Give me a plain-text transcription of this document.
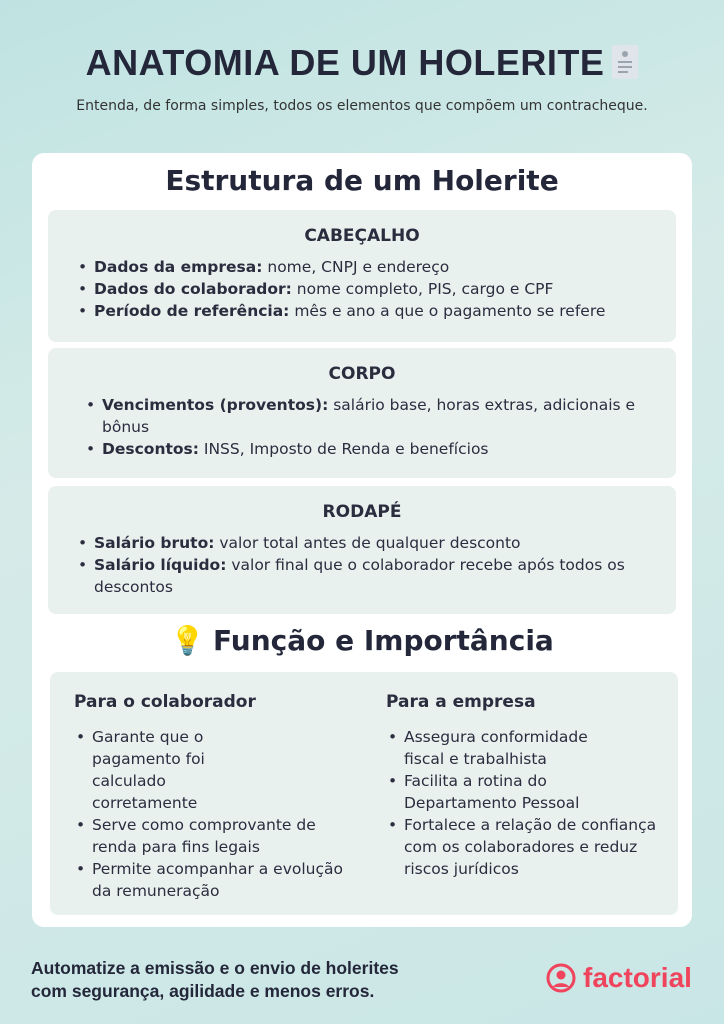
ANATOMIA DE UM HOLERITE
Entenda, de forma simples, todos os elementos que compõem um contracheque.
Estrutura de um Holerite
CABEÇALHO
• Dados da empresa: nome, CNPJ e endereço
• Dados do colaborador: nome completo, PIS, cargo e CPF
• Período de referência: mês e ano a que o pagamento se refere
CORPO
• Vencimentos (proventos): salário base, horas extras, adicionais e bônus
• Descontos: INSS, Imposto de Renda e benefícios
RODAPÉ
• Salário bruto: valor total antes de qualquer desconto
• Salário líquido: valor final que o colaborador recebe após todos os descontos
💡 Função e Importância
Para o colaborador
• Garante que o pagamento foi calculado corretamente
• Serve como comprovante de renda para fins legais
• Permite acompanhar a evolução da remuneração
Para a empresa
• Assegura conformidade fiscal e trabalhista
• Facilita a rotina do Departamento Pessoal
• Fortalece a relação de confiança com os colaboradores e reduz riscos jurídicos
Automatize a emissão e o envio de holerites
com segurança, agilidade e menos erros.	factorial
